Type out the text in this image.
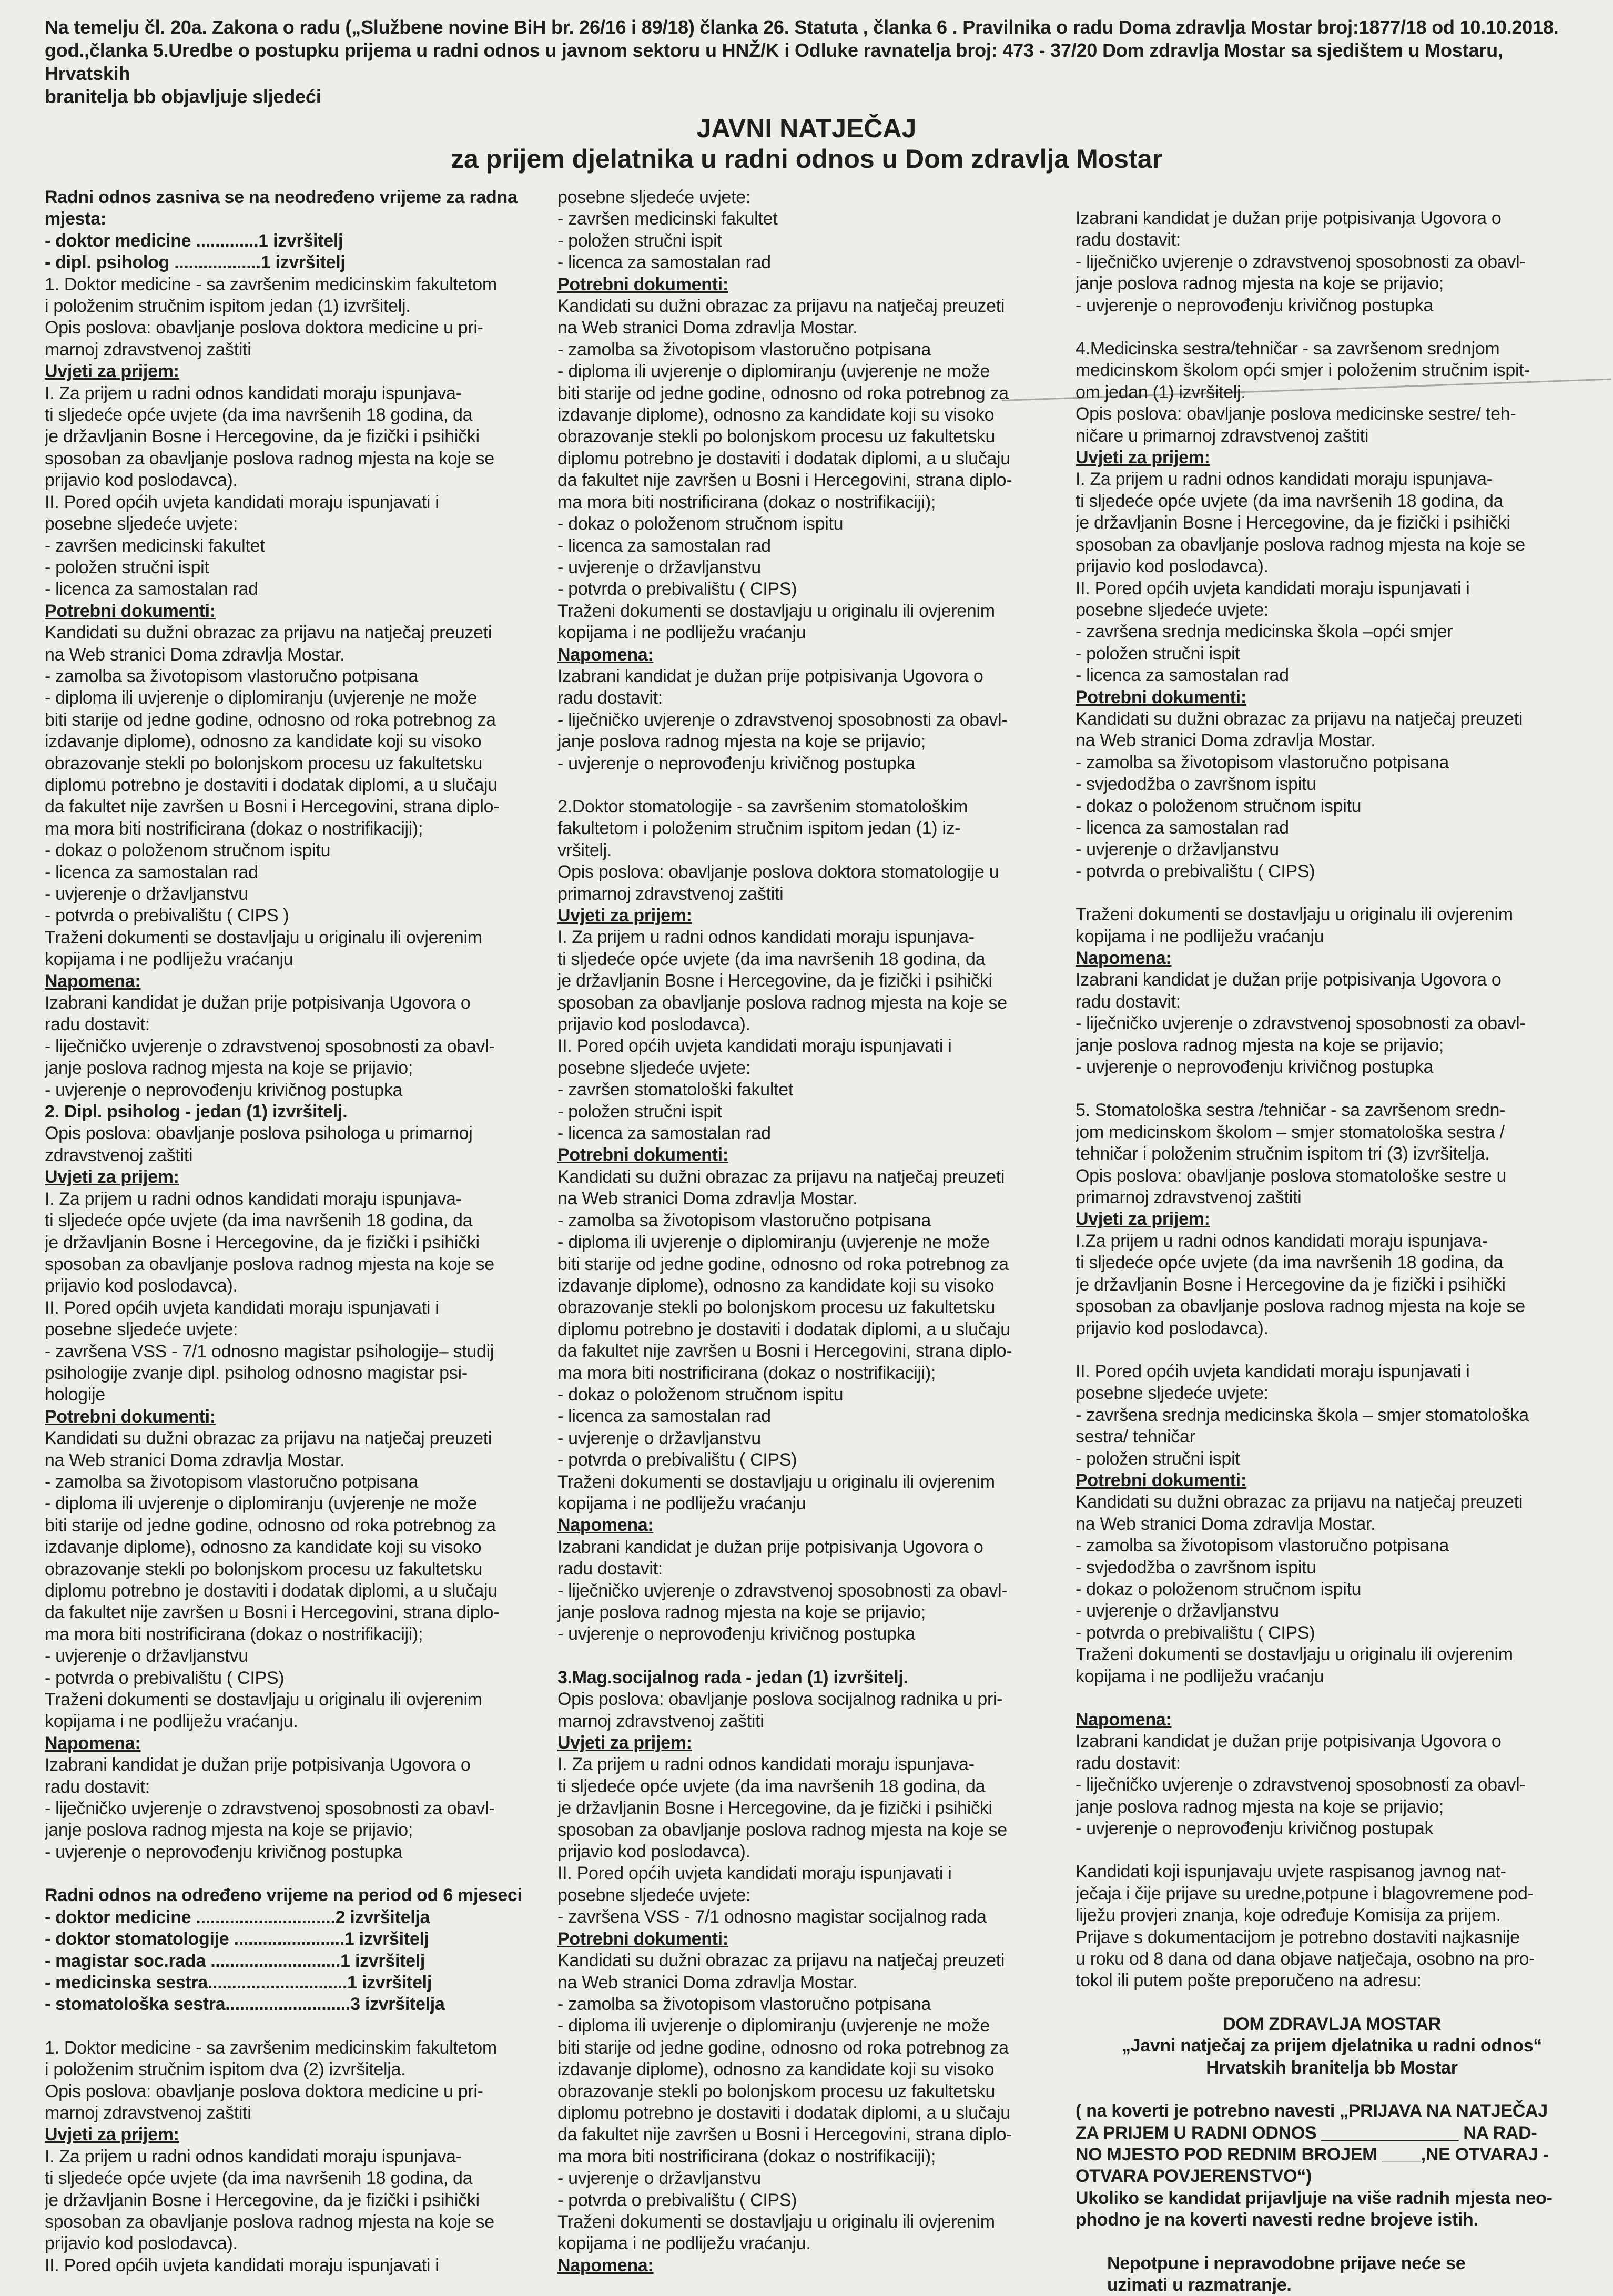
Na temelju čl. 20a. Zakona o radu („Službene novine BiH br. 26/16 i 89/18) članka 26. Statuta , članka 6 . Pravilnika o radu Doma zdravlja Mostar broj:1877/18 od 10.10.2018.
god.,članka 5.Uredbe o postupku prijema u radni odnos u javnom sektoru u HNŽ/K i Odluke ravnatelja broj: 473 - 37/20 Dom zdravlja Mostar sa sjedištem u Mostaru, Hrvatskih
branitelja bb objavljuje sljedeći
JAVNI NATJEČAJ
za prijem djelatnika u radni odnos u Dom zdravlja Mostar
Radni odnos zasniva se na neodređeno vrijeme za radna
mjesta:
- doktor medicine .............1 izvršitelj
- dipl. psiholog ..................1 izvršitelj
1. Doktor medicine - sa završenim medicinskim fakultetom
i položenim stručnim ispitom jedan (1) izvršitelj.
Opis poslova: obavljanje poslova doktora medicine u pri-
marnoj zdravstvenoj zaštiti
Uvjeti za prijem:
I. Za prijem u radni odnos kandidati moraju ispunjava-
ti sljedeće opće uvjete (da ima navršenih 18 godina, da
je državljanin Bosne i Hercegovine, da je fizički i psihički
sposoban za obavljanje poslova radnog mjesta na koje se
prijavio kod poslodavca).
II. Pored općih uvjeta kandidati moraju ispunjavati i
posebne sljedeće uvjete:
- završen medicinski fakultet
- položen stručni ispit
- licenca za samostalan rad
Potrebni dokumenti:
Kandidati su dužni obrazac za prijavu na natječaj preuzeti
na Web stranici Doma zdravlja Mostar.
- zamolba sa životopisom vlastoručno potpisana
- diploma ili uvjerenje o diplomiranju (uvjerenje ne može
biti starije od jedne godine, odnosno od roka potrebnog za
izdavanje diplome), odnosno za kandidate koji su visoko
obrazovanje stekli po bolonjskom procesu uz fakultetsku
diplomu potrebno je dostaviti i dodatak diplomi, a u slučaju
da fakultet nije završen u Bosni i Hercegovini, strana diplo-
ma mora biti nostrificirana (dokaz o nostrifikaciji);
- dokaz o položenom stručnom ispitu
- licenca za samostalan rad
- uvjerenje o državljanstvu
- potvrda o prebivalištu ( CIPS )
Traženi dokumenti se dostavljaju u originalu ili ovjerenim
kopijama i ne podliježu vraćanju
Napomena:
Izabrani kandidat je dužan prije potpisivanja Ugovora o
radu dostavit:
- liječničko uvjerenje o zdravstvenoj sposobnosti za obavl-
janje poslova radnog mjesta na koje se prijavio;
- uvjerenje o neprovođenju krivičnog postupka
2. Dipl. psiholog - jedan (1) izvršitelj.
Opis poslova: obavljanje poslova psihologa u primarnoj
zdravstvenoj zaštiti
Uvjeti za prijem:
I. Za prijem u radni odnos kandidati moraju ispunjava-
ti sljedeće opće uvjete (da ima navršenih 18 godina, da
je državljanin Bosne i Hercegovine, da je fizički i psihički
sposoban za obavljanje poslova radnog mjesta na koje se
prijavio kod poslodavca).
II. Pored općih uvjeta kandidati moraju ispunjavati i
posebne sljedeće uvjete:
- završena VSS - 7/1 odnosno magistar psihologije– studij
psihologije zvanje dipl. psiholog odnosno magistar psi-
hologije
Potrebni dokumenti:
Kandidati su dužni obrazac za prijavu na natječaj preuzeti
na Web stranici Doma zdravlja Mostar.
- zamolba sa životopisom vlastoručno potpisana
- diploma ili uvjerenje o diplomiranju (uvjerenje ne može
biti starije od jedne godine, odnosno od roka potrebnog za
izdavanje diplome), odnosno za kandidate koji su visoko
obrazovanje stekli po bolonjskom procesu uz fakultetsku
diplomu potrebno je dostaviti i dodatak diplomi, a u slučaju
da fakultet nije završen u Bosni i Hercegovini, strana diplo-
ma mora biti nostrificirana (dokaz o nostrifikaciji);
- uvjerenje o državljanstvu
- potvrda o prebivalištu ( CIPS)
Traženi dokumenti se dostavljaju u originalu ili ovjerenim
kopijama i ne podliježu vraćanju.
Napomena:
Izabrani kandidat je dužan prije potpisivanja Ugovora o
radu dostavit:
- liječničko uvjerenje o zdravstvenoj sposobnosti za obavl-
janje poslova radnog mjesta na koje se prijavio;
- uvjerenje o neprovođenju krivičnog postupka
Radni odnos na određeno vrijeme na period od 6 mjeseci
- doktor medicine .............................2 izvršitelja
- doktor stomatologije .......................1 izvršitelj
- magistar soc.rada ...........................1 izvršitelj
- medicinska sestra.............................1 izvršitelj
- stomatološka sestra..........................3 izvršitelja
1. Doktor medicine - sa završenim medicinskim fakultetom
i položenim stručnim ispitom dva (2) izvršitelja.
Opis poslova: obavljanje poslova doktora medicine u pri-
marnoj zdravstvenoj zaštiti
Uvjeti za prijem:
I. Za prijem u radni odnos kandidati moraju ispunjava-
ti sljedeće opće uvjete (da ima navršenih 18 godina, da
je državljanin Bosne i Hercegovine, da je fizički i psihički
sposoban za obavljanje poslova radnog mjesta na koje se
prijavio kod poslodavca).
II. Pored općih uvjeta kandidati moraju ispunjavati i
posebne sljedeće uvjete:
- završen medicinski fakultet
- položen stručni ispit
- licenca za samostalan rad
Potrebni dokumenti:
Kandidati su dužni obrazac za prijavu na natječaj preuzeti
na Web stranici Doma zdravlja Mostar.
- zamolba sa životopisom vlastoručno potpisana
- diploma ili uvjerenje o diplomiranju (uvjerenje ne može
biti starije od jedne godine, odnosno od roka potrebnog za
izdavanje diplome), odnosno za kandidate koji su visoko
obrazovanje stekli po bolonjskom procesu uz fakultetsku
diplomu potrebno je dostaviti i dodatak diplomi, a u slučaju
da fakultet nije završen u Bosni i Hercegovini, strana diplo-
ma mora biti nostrificirana (dokaz o nostrifikaciji);
- dokaz o položenom stručnom ispitu
- licenca za samostalan rad
- uvjerenje o državljanstvu
- potvrda o prebivalištu ( CIPS)
Traženi dokumenti se dostavljaju u originalu ili ovjerenim
kopijama i ne podliježu vraćanju
Napomena:
Izabrani kandidat je dužan prije potpisivanja Ugovora o
radu dostavit:
- liječničko uvjerenje o zdravstvenoj sposobnosti za obavl-
janje poslova radnog mjesta na koje se prijavio;
- uvjerenje o neprovođenju krivičnog postupka
2.Doktor stomatologije - sa završenim stomatološkim
fakultetom i položenim stručnim ispitom jedan (1) iz-
vršitelj.
Opis poslova: obavljanje poslova doktora stomatologije u
primarnoj zdravstvenoj zaštiti
Uvjeti za prijem:
I. Za prijem u radni odnos kandidati moraju ispunjava-
ti sljedeće opće uvjete (da ima navršenih 18 godina, da
je državljanin Bosne i Hercegovine, da je fizički i psihički
sposoban za obavljanje poslova radnog mjesta na koje se
prijavio kod poslodavca).
II. Pored općih uvjeta kandidati moraju ispunjavati i
posebne sljedeće uvjete:
- završen stomatološki fakultet
- položen stručni ispit
- licenca za samostalan rad
Potrebni dokumenti:
Kandidati su dužni obrazac za prijavu na natječaj preuzeti
na Web stranici Doma zdravlja Mostar.
- zamolba sa životopisom vlastoručno potpisana
- diploma ili uvjerenje o diplomiranju (uvjerenje ne može
biti starije od jedne godine, odnosno od roka potrebnog za
izdavanje diplome), odnosno za kandidate koji su visoko
obrazovanje stekli po bolonjskom procesu uz fakultetsku
diplomu potrebno je dostaviti i dodatak diplomi, a u slučaju
da fakultet nije završen u Bosni i Hercegovini, strana diplo-
ma mora biti nostrificirana (dokaz o nostrifikaciji);
- dokaz o položenom stručnom ispitu
- licenca za samostalan rad
- uvjerenje o državljanstvu
- potvrda o prebivalištu ( CIPS)
Traženi dokumenti se dostavljaju u originalu ili ovjerenim
kopijama i ne podliježu vraćanju
Napomena:
Izabrani kandidat je dužan prije potpisivanja Ugovora o
radu dostavit:
- liječničko uvjerenje o zdravstvenoj sposobnosti za obavl-
janje poslova radnog mjesta na koje se prijavio;
- uvjerenje o neprovođenju krivičnog postupka
3.Mag.socijalnog rada - jedan (1) izvršitelj.
Opis poslova: obavljanje poslova socijalnog radnika u pri-
marnoj zdravstvenoj zaštiti
Uvjeti za prijem:
I. Za prijem u radni odnos kandidati moraju ispunjava-
ti sljedeće opće uvjete (da ima navršenih 18 godina, da
je državljanin Bosne i Hercegovine, da je fizički i psihički
sposoban za obavljanje poslova radnog mjesta na koje se
prijavio kod poslodavca).
II. Pored općih uvjeta kandidati moraju ispunjavati i
posebne sljedeće uvjete:
- završena VSS - 7/1 odnosno magistar socijalnog rada
Potrebni dokumenti:
Kandidati su dužni obrazac za prijavu na natječaj preuzeti
na Web stranici Doma zdravlja Mostar.
- zamolba sa životopisom vlastoručno potpisana
- diploma ili uvjerenje o diplomiranju (uvjerenje ne može
biti starije od jedne godine, odnosno od roka potrebnog za
izdavanje diplome), odnosno za kandidate koji su visoko
obrazovanje stekli po bolonjskom procesu uz fakultetsku
diplomu potrebno je dostaviti i dodatak diplomi, a u slučaju
da fakultet nije završen u Bosni i Hercegovini, strana diplo-
ma mora biti nostrificirana (dokaz o nostrifikaciji);
- uvjerenje o državljanstvu
- potvrda o prebivalištu ( CIPS)
Traženi dokumenti se dostavljaju u originalu ili ovjerenim
kopijama i ne podliježu vraćanju.
Napomena:
Izabrani kandidat je dužan prije potpisivanja Ugovora o
radu dostavit:
- liječničko uvjerenje o zdravstvenoj sposobnosti za obavl-
janje poslova radnog mjesta na koje se prijavio;
- uvjerenje o neprovođenju krivičnog postupka
4.Medicinska sestra/tehničar - sa završenom srednjom
medicinskom školom opći smjer i položenim stručnim ispit-
om jedan (1) izvršitelj.
Opis poslova: obavljanje poslova medicinske sestre/ teh-
ničare u primarnoj zdravstvenoj zaštiti
Uvjeti za prijem:
I. Za prijem u radni odnos kandidati moraju ispunjava-
ti sljedeće opće uvjete (da ima navršenih 18 godina, da
je državljanin Bosne i Hercegovine, da je fizički i psihički
sposoban za obavljanje poslova radnog mjesta na koje se
prijavio kod poslodavca).
II. Pored općih uvjeta kandidati moraju ispunjavati i
posebne sljedeće uvjete:
- završena srednja medicinska škola –opći smjer
- položen stručni ispit
- licenca za samostalan rad
Potrebni dokumenti:
Kandidati su dužni obrazac za prijavu na natječaj preuzeti
na Web stranici Doma zdravlja Mostar.
- zamolba sa životopisom vlastoručno potpisana
- svjedodžba o završnom ispitu
- dokaz o položenom stručnom ispitu
- licenca za samostalan rad
- uvjerenje o državljanstvu
- potvrda o prebivalištu ( CIPS)
Traženi dokumenti se dostavljaju u originalu ili ovjerenim
kopijama i ne podliježu vraćanju
Napomena:
Izabrani kandidat je dužan prije potpisivanja Ugovora o
radu dostavit:
- liječničko uvjerenje o zdravstvenoj sposobnosti za obavl-
janje poslova radnog mjesta na koje se prijavio;
- uvjerenje o neprovođenju krivičnog postupka
5. Stomatološka sestra /tehničar - sa završenom sredn-
jom medicinskom školom – smjer stomatološka sestra /
tehničar i položenim stručnim ispitom tri (3) izvršitelja.
Opis poslova: obavljanje poslova stomatološke sestre u
primarnoj zdravstvenoj zaštiti
Uvjeti za prijem:
I.Za prijem u radni odnos kandidati moraju ispunjava-
ti sljedeće opće uvjete (da ima navršenih 18 godina, da
je državljanin Bosne i Hercegovine da je fizički i psihički
sposoban za obavljanje poslova radnog mjesta na koje se
prijavio kod poslodavca).
II. Pored općih uvjeta kandidati moraju ispunjavati i
posebne sljedeće uvjete:
- završena srednja medicinska škola – smjer stomatološka
sestra/ tehničar
- položen stručni ispit
Potrebni dokumenti:
Kandidati su dužni obrazac za prijavu na natječaj preuzeti
na Web stranici Doma zdravlja Mostar.
- zamolba sa životopisom vlastoručno potpisana
- svjedodžba o završnom ispitu
- dokaz o položenom stručnom ispitu
- uvjerenje o državljanstvu
- potvrda o prebivalištu ( CIPS)
Traženi dokumenti se dostavljaju u originalu ili ovjerenim
kopijama i ne podliježu vraćanju
Napomena:
Izabrani kandidat je dužan prije potpisivanja Ugovora o
radu dostavit:
- liječničko uvjerenje o zdravstvenoj sposobnosti za obavl-
janje poslova radnog mjesta na koje se prijavio;
- uvjerenje o neprovođenju krivičnog postupak
Kandidati koji ispunjavaju uvjete raspisanog javnog nat-
ječaja i čije prijave su uredne,potpune i blagovremene pod-
liježu provjeri znanja, koje određuje Komisija za prijem.
Prijave s dokumentacijom je potrebno dostaviti najkasnije
u roku od 8 dana od dana objave natječaja, osobno na pro-
tokol ili putem pošte preporučeno na adresu:
DOM ZDRAVLJA MOSTAR
„Javni natječaj za prijem djelatnika u radni odnos“
Hrvatskih branitelja bb Mostar
( na koverti je potrebno navesti „PRIJAVA NA NATJEČAJ
ZA PRIJEM U RADNI ODNOS ______________ NA RAD-
NO MJESTO POD REDNIM BROJEM ____,NE OTVARAJ -
OTVARA POVJERENSTVO“)
Ukoliko se kandidat prijavljuje na više radnih mjesta neo-
phodno je na koverti navesti redne brojeve istih.
Nepotpune i nepravodobne prijave neće se
uzimati u razmatranje.
